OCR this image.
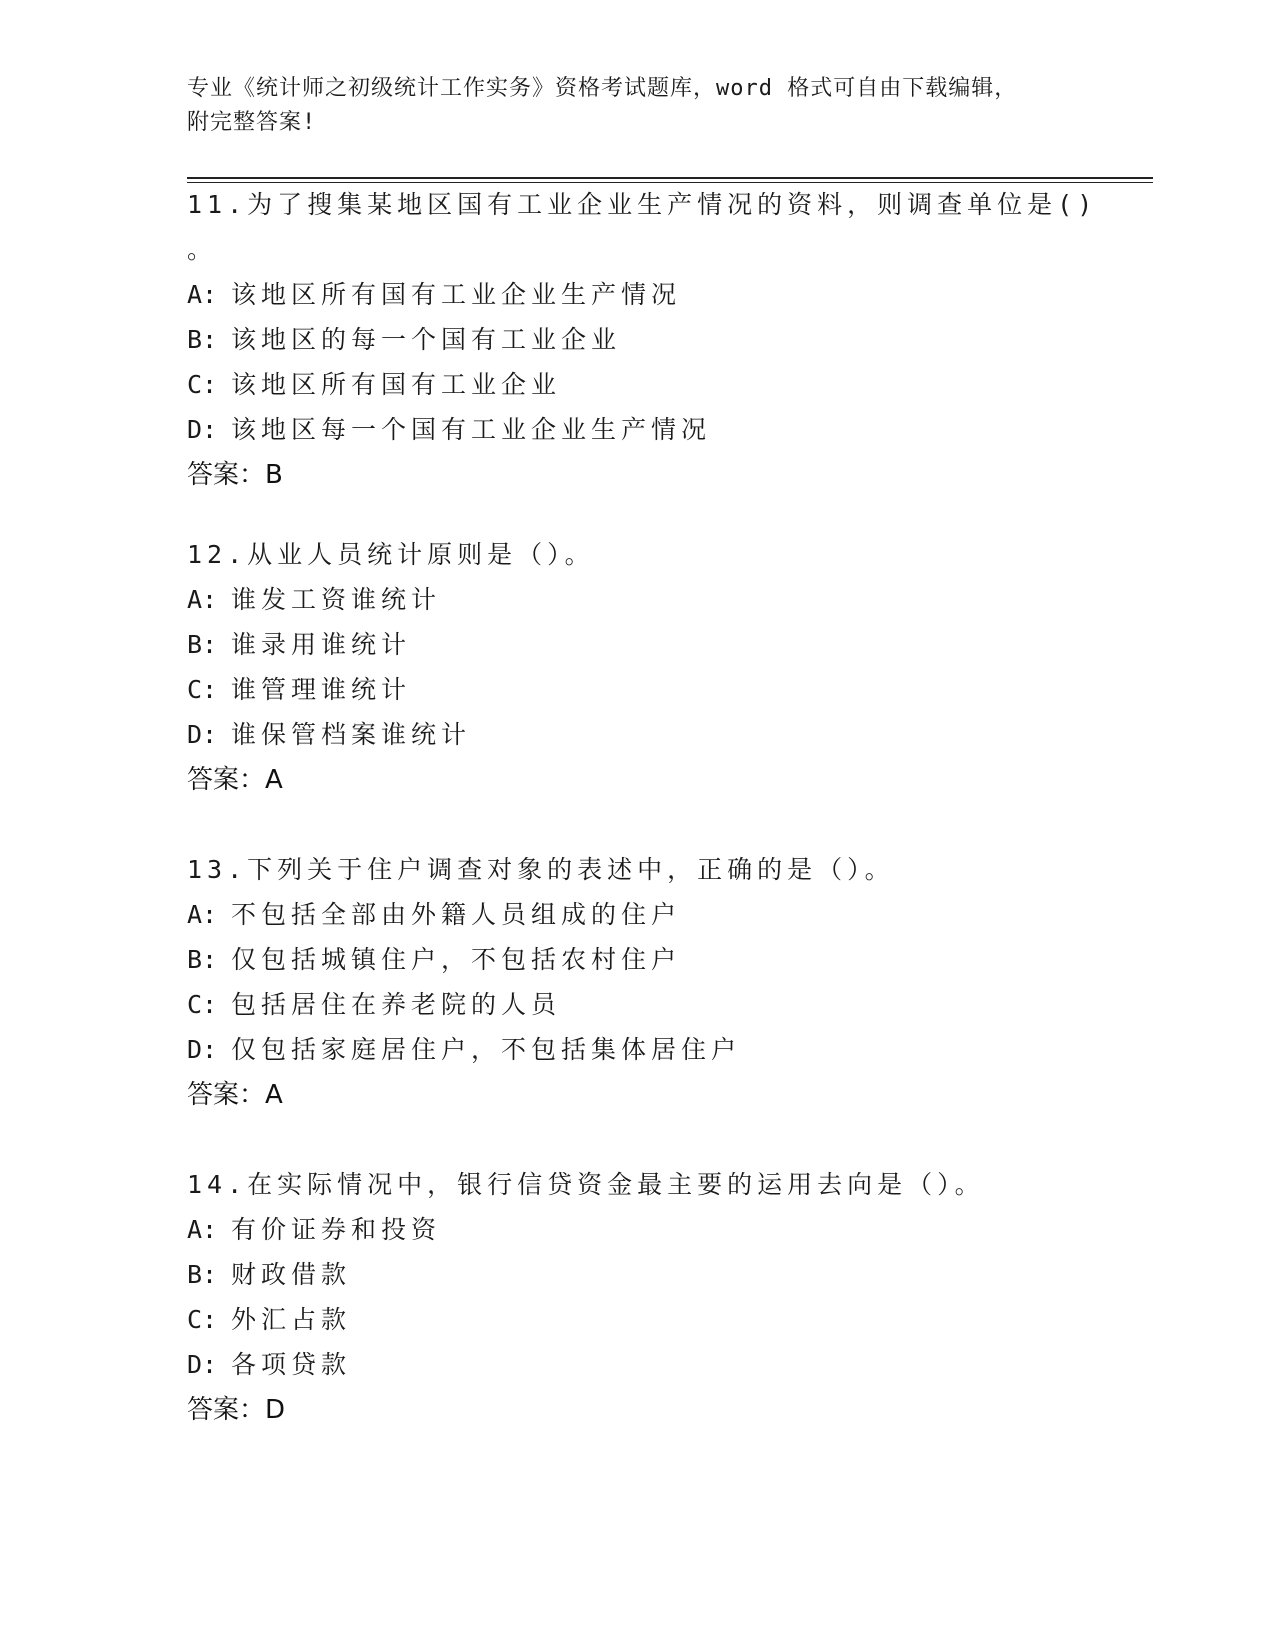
专业《统计师之初级统计工作实务》资格考试题库，word 格式可自由下载编辑，
附完整答案!
11.为了搜集某地区国有工业企业生产情况的资料，则调查单位是()
。
A: 该地区所有国有工业企业生产情况
B: 该地区的每一个国有工业企业
C: 该地区所有国有工业企业
D: 该地区每一个国有工业企业生产情况
答案：B
12.从业人员统计原则是（）。
A: 谁发工资谁统计
B: 谁录用谁统计
C: 谁管理谁统计
D: 谁保管档案谁统计
答案：A
13.下列关于住户调查对象的表述中，正确的是（）。
A: 不包括全部由外籍人员组成的住户
B: 仅包括城镇住户，不包括农村住户
C: 包括居住在养老院的人员
D: 仅包括家庭居住户，不包括集体居住户
答案：A
14.在实际情况中，银行信贷资金最主要的运用去向是（）。
A: 有价证券和投资
B: 财政借款
C: 外汇占款
D: 各项贷款
答案：D
